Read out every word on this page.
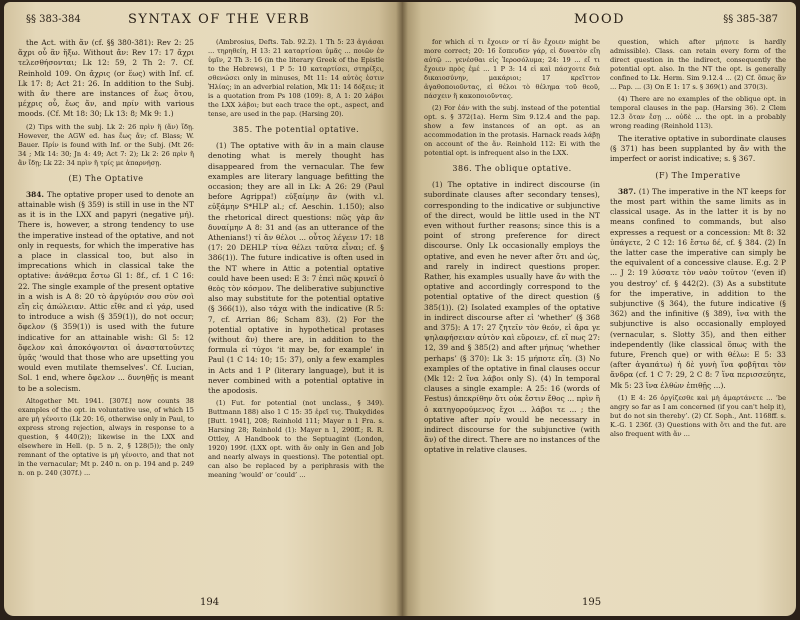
§§ 383-384	SYNTAX OF THE VERB

the Act. with ἄν (cf. §§ 380-381): Rev 2: 25 ἄχρι οὗ ἂν ἥξω. Without ἄν: Rev 17: 17 ἄχρι τελεσθήσονται; Lk 12: 59, 2 Th 2: 7. Cf. Reinhold 109. On ἄχρις (or ἕως) with Inf. cf. Lk 17: 8; Act 21: 26. In addition to the Subj. with ἄν there are instances of ἕως ὅτου, μέχρις οὗ, ἕως ἄν, and πρίν with various moods. (Cf. Mt 18: 30; Lk 13: 8; Mk 9: 1.)

(2) Tips with the subj. Lk 2: 26 πρὶν ἢ (ἄν) ἴδῃ. However, the AGW ed. has ἕως ἄν; cf. Blass; W. Bauer. Πρίν is found with Inf. or the Subj. (Mt 26: 34 ; Mk 14: 30; Jn 4: 49; Act 7: 2); Lk 2: 26 πρὶν ἢ ἂν ἴδῃ; Lk 22: 34 πρὶν ἢ τρίς με ἀπαρνήσῃ.

(E) The Optative

384. The optative proper used to denote an attainable wish (§ 359) is still in use in the NT as it is in the LXX and papyri (negative μή). There is, however, a strong tendency to use the imperative instead of the optative, and not only in requests, for which the imperative has a place in classical too, but also in imprecations which in classical take the optative: ἀνάθεμα ἔστω Gl 1: 8f., cf. 1 C 16: 22. The single example of the present optative in a wish is A 8: 20 τὸ ἀργύριόν σου σὺν σοὶ εἴη εἰς ἀπώλειαν. Attic εἴθε and εἰ γάρ, used to introduce a wish (§ 359(1)), do not occur; ὄφελον (§ 359(1)) is used with the future indicative for an attainable wish: Gl 5: 12 ὄφελον καὶ ἀποκόψονται οἱ ἀναστατοῦντες ὑμᾶς ‘would that those who are upsetting you would even mutilate themselves’. Cf. Lucian, Sol. 1 end, where ὄφελον ... δυνηθῇς is meant to be a solecism.

Altogether Mt. 1941. [307f.] now counts 38 examples of the opt. in voluntative use, of which 15 are μὴ γένοιτο (Lk 20: 16, otherwise only in Paul, to express strong rejection, always in response to a question, § 440(2)); likewise in the LXX and elsewhere in Hell. (p. 5 n. 2, § 128(5)); the only remnant of the optative is μὴ γένοιτο, and that not in the vernacular; Mt p. 240 n. on p. 194 and p. 249 n. on p. 240 (307f.) ...

(Ambrosius, Defts. Tab. 92.2). 1 Th 5: 23 ἁγιάσαι ... τηρηθείη, H 13: 21 καταρτίσαι ὑμᾶς ... ποιῶν ἐν ὑμῖν, 2 Th 3: 16 (in the literary Greek of the Epistle to the Hebrews), 1 P 5: 10 καταρτίσει, στηρίξει, σθενώσει only in minuses, Mt 11: 14 αὐτὸς ἐστιν Ἠλίας; in an adverbial relation, Mk 11: 14 δόξειε; it is a quotation from Ps 108 (109): 8, A 1: 20 λάβοι the LXX λάβοι; but each trace the opt., aspect, and tense, are used in the pap. (Harsing 20).

385. The potential optative.

(1) The optative with ἄν in a main clause denoting what is merely thought has disappeared from the vernacular. The few examples are literary language befitting the occasion; they are all in Lk: A 26: 29 (Paul before Agrippa!) εὐξαίμην ἂν (with v.l. εὐξάμην S*HLP al.; cf. Aeschin. 1.150); also the rhetorical direct questions: πῶς γὰρ ἂν δυναίμην A 8: 31 and (as an utterance of the Athenians!) τί ἂν θέλοι ... οὗτος λέγειν 17: 18 (17: 20 DEHLP τίνα θέλει ταῦτα εἶναι; cf. § 386(1)). The future indicative is often used in the NT where in Attic a potential optative could have been used: E 3: 7 ἐπεὶ πῶς κρινεῖ ὁ θεὸς τὸν κόσμον. The deliberative subjunctive also may substitute for the potential optative (§ 366(1)), also τάχα with the indicative (R 5: 7, cf. Arrian 86; Scham 83). (2) For the potential optative in hypothetical protases (without ἄν) there are, in addition to the formula εἰ τύχοι ‘it may be, for example’ in Paul (1 C 14: 10; 15: 37), only a few examples in Acts and 1 P (literary language), but it is never combined with a potential optative in the apodosis.

(1) Fut. for potential (not unclass., § 349). Buttmann 188) also 1 C 15: 35 ἐρεῖ τις. Thukydides [Butt. 1941], 208; Reinhold 111; Mayer n 1 Fra. s. Harsing 28; Reinhold (1): Mayer n 1, 290ff.; R. R. Ottley, A Handbook to the Septuagint (London, 1920) 199f. (LXX opt. with ἄν only in Gen and Job and nearly always in questions). The potential opt. can also be replaced by a periphrasis with the meaning ‘would’ or ‘could’ ...

194
MOOD	§§ 385-387

for which εἰ τι ἔχοιεν or τί ἂν ἔχοιεν might be more correct; 20: 16 ἔσπευδεν γάρ, εἰ δυνατὸν εἴη αὐτῷ ... γενέσθαι εἰς Ἱεροσόλυμα; 24: 19 ... εἴ τι ἔχοιεν πρὸς ἐμέ ... 1 P 3: 14 εἰ καὶ πάσχοιτε διὰ δικαιοσύνην, μακάριοι; 17 κρεῖττον ἀγαθοποιοῦντας, εἰ θέλοι τὸ θέλημα τοῦ θεοῦ, πάσχειν ἢ κακοποιοῦντας.

(2) For ἐάν with the subj. instead of the potential opt. s. § 372(1a). Herm Sim 9.12.4 and the pap. show a few instances of an opt. as an accommodation in the protasis. Harnack reads λάβῃ on account of the ἄν. Reinhold 112: Ei with the potential opt. is infrequent also in the LXX.

386. The oblique optative.

(1) The optative in indirect discourse (in subordinate clauses after secondary tenses), corresponding to the indicative or subjunctive of the direct, would be little used in the NT even without further reasons; since this is a point of strong preference for direct discourse. Only Lk occasionally employs the optative, and even he never after ὅτι and ὡς, and rarely in indirect questions proper. Rather, his examples usually have ἄν with the optative and accordingly correspond to the potential optative of the direct question (§ 385(1)). (2) Isolated examples of the optative in indirect discourse after εἰ ‘whether’ (§ 368 and 375): A 17: 27 ζητεῖν τὸν θεόν, εἰ ἄρα γε ψηλαφήσειαν αὐτὸν καὶ εὕροιεν, cf. εἴ πως 27: 12, 39 and § 385(2) and after μήπως ‘whether perhaps’ (§ 370): Lk 3: 15 μήποτε εἴη. (3) No examples of the optative in final clauses occur (Mk 12: 2 ἵνα λάβοι only S). (4) In temporal clauses a single example: A 25: 16 (words of Festus) ἀπεκρίθην ὅτι οὐκ ἔστιν ἔθος ... πρὶν ἢ ὁ κατηγορούμενος ἔχοι ... λάβοι τε ... ; the optative after πρίν would be necessary in indirect discourse for the subjunctive (with ἄν) of the direct. There are no instances of the optative in relative clauses.

question, which after μήποτε is hardly admissible). Class. can retain every form of the direct question in the indirect, consequently the potential opt. also. In the NT the opt. is generally confined to Lk. Herm. Sim 9.12.4 ... (2) Cf. ὅπως ἂν ... Pap. ... (3) On E 1: 17 s. § 369(1) and 370(3).

(4) There are no examples of the oblique opt. in temporal clauses in the pap. (Harsing 36). 2 Clem 12.3 ὅταν ἔσῃ ... οὐδὲ ... the opt. in a probably wrong reading (Reinhold 113).

The iterative optative in subordinate clauses (§ 371) has been supplanted by ἄν with the imperfect or aorist indicative; s. § 367.

(F) The Imperative

387. (1) The imperative in the NT keeps for the most part within the same limits as in classical usage. As in the latter it is by no means confined to commands, but also expresses a request or a concession: Mt 8: 32 ὑπάγετε, 2 C 12: 16 ἔστω δέ, cf. § 384. (2) In the latter case the imperative can simply be the equivalent of a concessive clause. E.g. 2 P ... J 2: 19 λύσατε τὸν ναὸν τοῦτον ‘(even if) you destroy’ cf. § 442(2). (3) As a substitute for the imperative, in addition to the subjunctive (§ 364), the future indicative (§ 362) and the infinitive (§ 389), ἵνα with the subjunctive is also occasionally employed (vernacular, s. Slotty 35), and then either independently (like classical ὅπως with the future, French que) or with θέλω: E 5: 33 (after ἀγαπάτω) ἡ δὲ γυνὴ ἵνα φοβῆται τὸν ἄνδρα (cf. 1 C 7: 29, 2 C 8: 7 ἵνα περισσεύητε, Mk 5: 23 ἵνα ἐλθὼν ἐπιθῇς ...).

(1) E 4: 26 ὀργίζεσθε καὶ μὴ ἁμαρτάνετε ... ‘be angry so far as I am concerned (if you can't help it), but do not sin thereby’. (2) Cf. Soph., Ant. 1168ff. s. K.-G. 1 236f. (3) Questions with ὅτι and the fut. are also frequent with ἄν ...

195
